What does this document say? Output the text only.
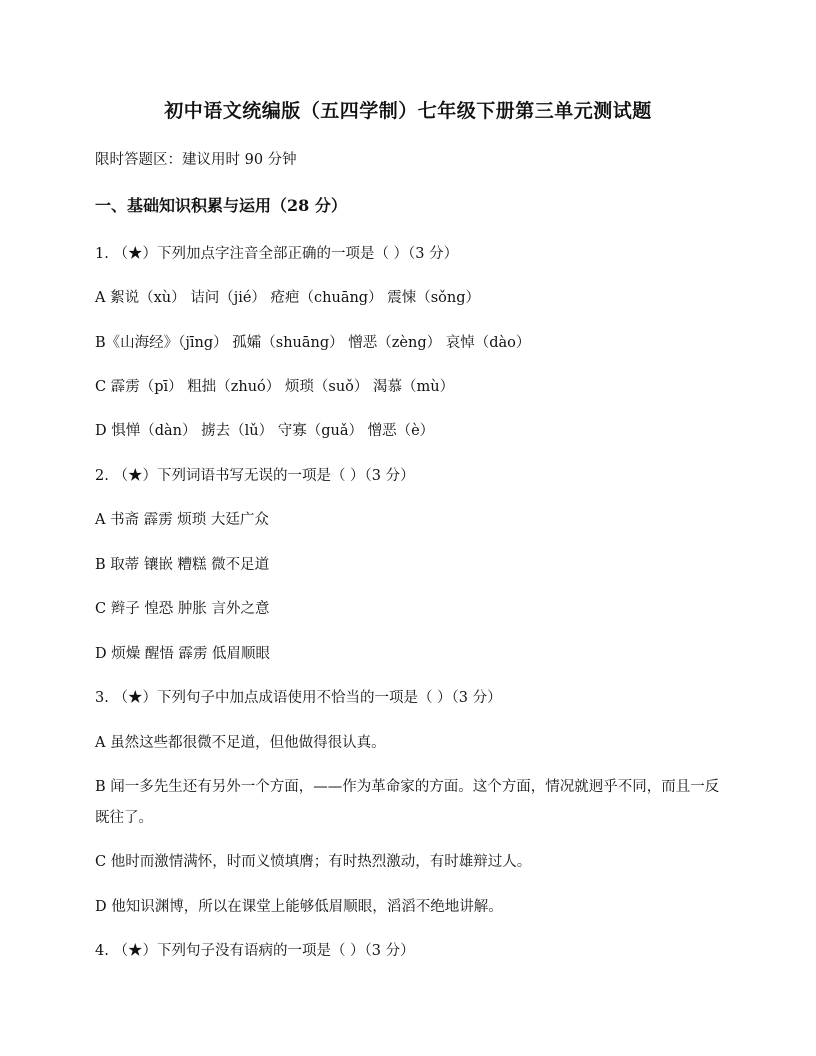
初中语文统编版（五四学制）七年级下册第三单元测试题
限时答题区：建议用时 90 分钟
一、基础知识积累与运用（28 分）
1. （★）下列加点字注音全部正确的一项是（ ）（3 分）
A 絮说（xù） 诘问（jié） 疮疤（chuāng） 震悚（sǒng）
B《山海经》（jīng） 孤孀（shuāng） 憎恶（zèng） 哀悼（dào）
C 霹雳（pī） 粗拙（zhuó） 烦琐（suǒ） 渴慕（mù）
D 惧惮（dàn） 掳去（lǔ） 守寡（guǎ） 憎恶（è）
2. （★）下列词语书写无误的一项是（ ）（3 分）
A 书斋 霹雳 烦琐 大廷广众
B 取蒂 镶嵌 糟糕 微不足道
C 辫子 惶恐 肿胀 言外之意
D 烦燥 醒悟 霹雳 低眉顺眼
3. （★）下列句子中加点成语使用不恰当的一项是（ ）（3 分）
A 虽然这些都很微不足道，但他做得很认真。
B 闻一多先生还有另外一个方面，——作为革命家的方面。这个方面，情况就迥乎不同，而且一反既往了。
C 他时而激情满怀，时而义愤填膺；有时热烈激动，有时雄辩过人。
D 他知识渊博，所以在课堂上能够低眉顺眼，滔滔不绝地讲解。
4. （★）下列句子没有语病的一项是（ ）（3 分）
